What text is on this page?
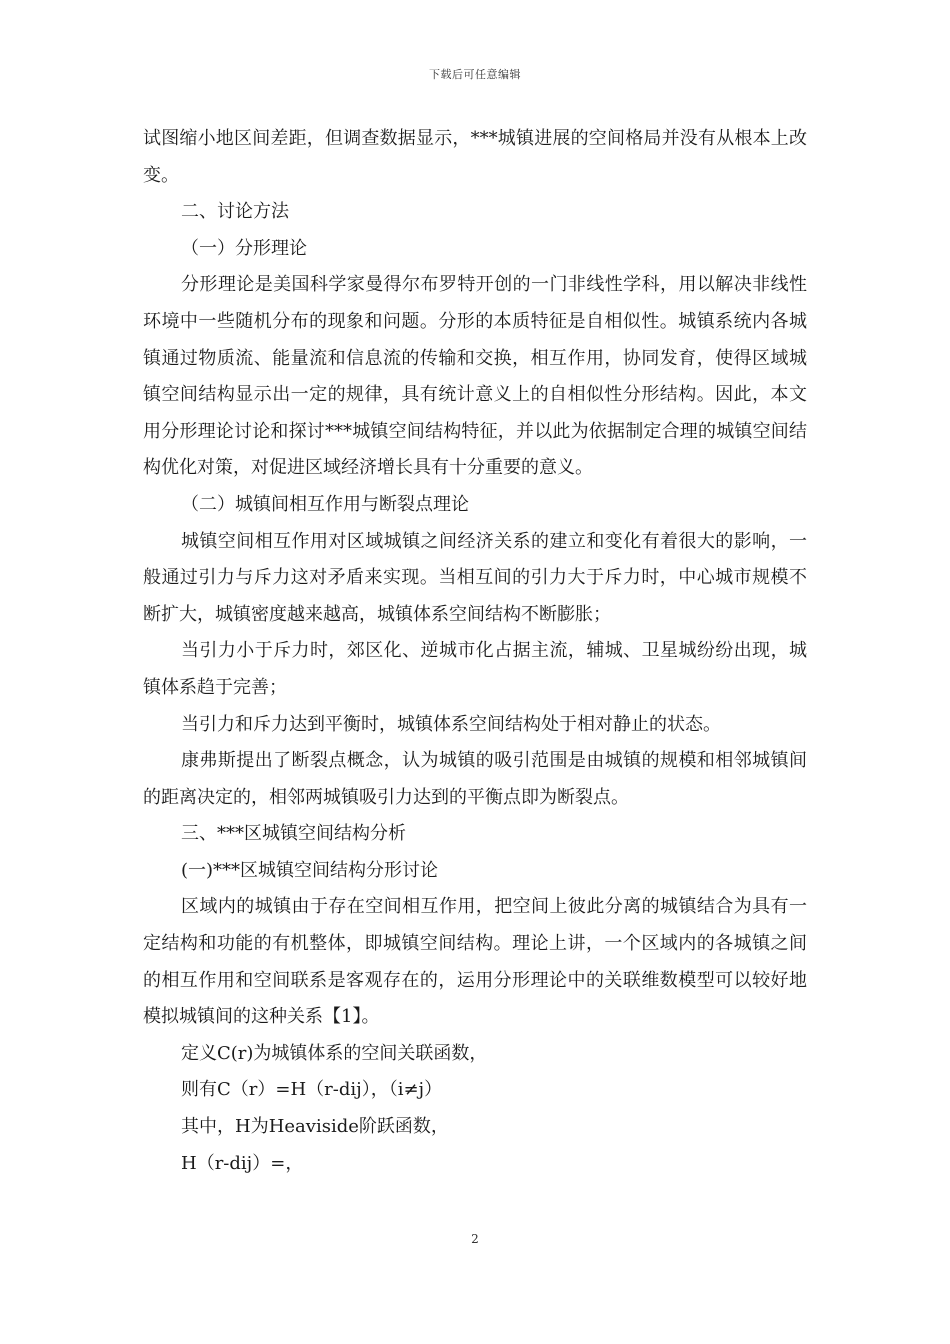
下载后可任意编辑

试图缩小地区间差距，但调查数据显示，***城镇进展的空间格局并没有从根本上改变。

二、讨论方法

（一）分形理论

分形理论是美国科学家曼得尔布罗特开创的一门非线性学科，用以解决非线性环境中一些随机分布的现象和问题。分形的本质特征是自相似性。城镇系统内各城镇通过物质流、能量流和信息流的传输和交换，相互作用，协同发育，使得区域城镇空间结构显示出一定的规律，具有统计意义上的自相似性分形结构。因此，本文用分形理论讨论和探讨***城镇空间结构特征，并以此为依据制定合理的城镇空间结构优化对策，对促进区域经济增长具有十分重要的意义。

（二）城镇间相互作用与断裂点理论

城镇空间相互作用对区域城镇之间经济关系的建立和变化有着很大的影响，一般通过引力与斥力这对矛盾来实现。当相互间的引力大于斥力时，中心城市规模不断扩大，城镇密度越来越高，城镇体系空间结构不断膨胀；

当引力小于斥力时，郊区化、逆城市化占据主流，辅城、卫星城纷纷出现，城镇体系趋于完善；

当引力和斥力达到平衡时，城镇体系空间结构处于相对静止的状态。

康弗斯提出了断裂点概念，认为城镇的吸引范围是由城镇的规模和相邻城镇间的距离决定的，相邻两城镇吸引力达到的平衡点即为断裂点。

三、***区城镇空间结构分析

(一)***区城镇空间结构分形讨论

区域内的城镇由于存在空间相互作用，把空间上彼此分离的城镇结合为具有一定结构和功能的有机整体，即城镇空间结构。理论上讲，一个区域内的各城镇之间的相互作用和空间联系是客观存在的，运用分形理论中的关联维数模型可以较好地模拟城镇间的这种关系【1】。

定义C(r)为城镇体系的空间关联函数，

则有C（r）=H（r-dij），（i≠j）

其中，H为Heaviside阶跃函数，

H（r-dij）=，

2
